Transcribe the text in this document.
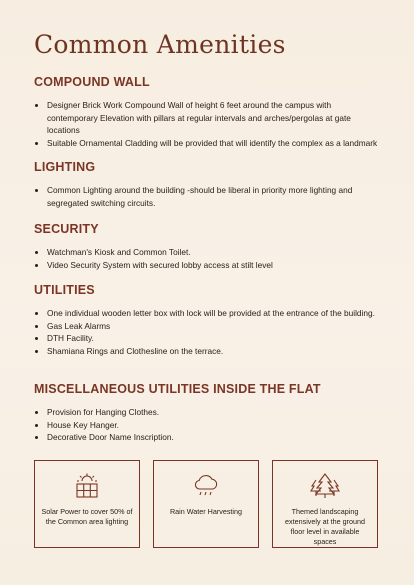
Common Amenities
COMPOUND WALL
Designer Brick Work Compound Wall of height 6 feet around the campus with contemporary Elevation with pillars at regular intervals and arches/pergolas at gate locations
Suitable Ornamental Cladding will be provided that will identify the complex as a landmark
LIGHTING
Common Lighting around the building -should be liberal in priority more lighting and segregated switching circuits.
SECURITY
Watchman's Kiosk and Common Toilet.
Video Security System with secured lobby access at stilt level
UTILITIES
One individual wooden letter box with lock will be provided at the entrance of the building.
Gas Leak Alarms
DTH Facility.
Shamiana Rings and Clothesline on the terrace.
MISCELLANEOUS UTILITIES INSIDE THE FLAT
Provision for Hanging Clothes.
House Key Hanger.
Decorative Door Name Inscription.
Solar Power to cover 50% of the Common area lighting
Rain Water Harvesting	Themed landscaping extensively at the ground floor level in available spaces
